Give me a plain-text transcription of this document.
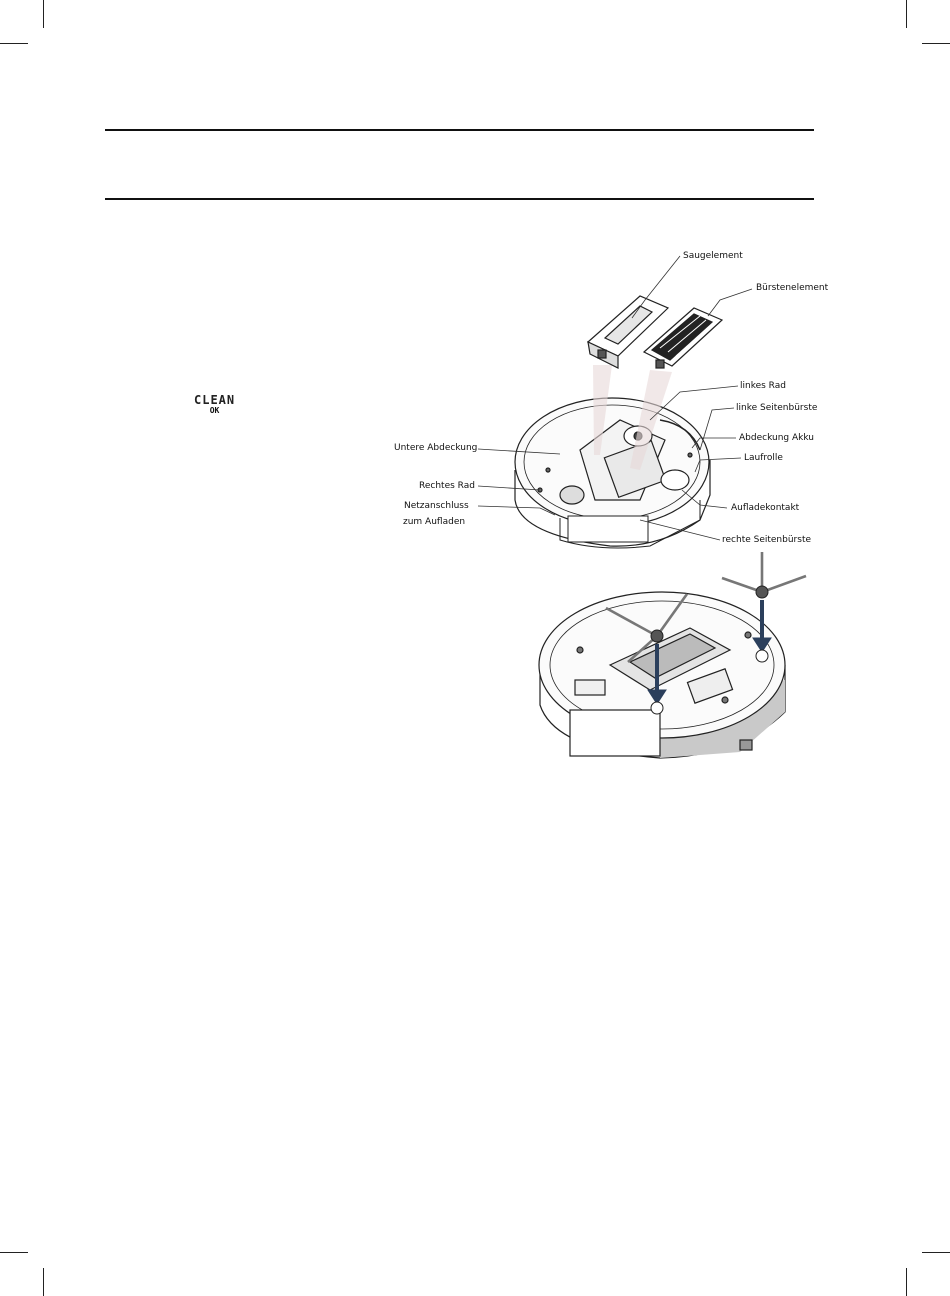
CLEAN
OK
Saugelement
Bürstenelement
linkes Rad
linke Seitenbürste
Abdeckung Akku
Laufrolle
Untere Abdeckung
Rechtes Rad
Netzanschluss
zum Aufladen
Aufladekontakt
rechte Seitenbürste
